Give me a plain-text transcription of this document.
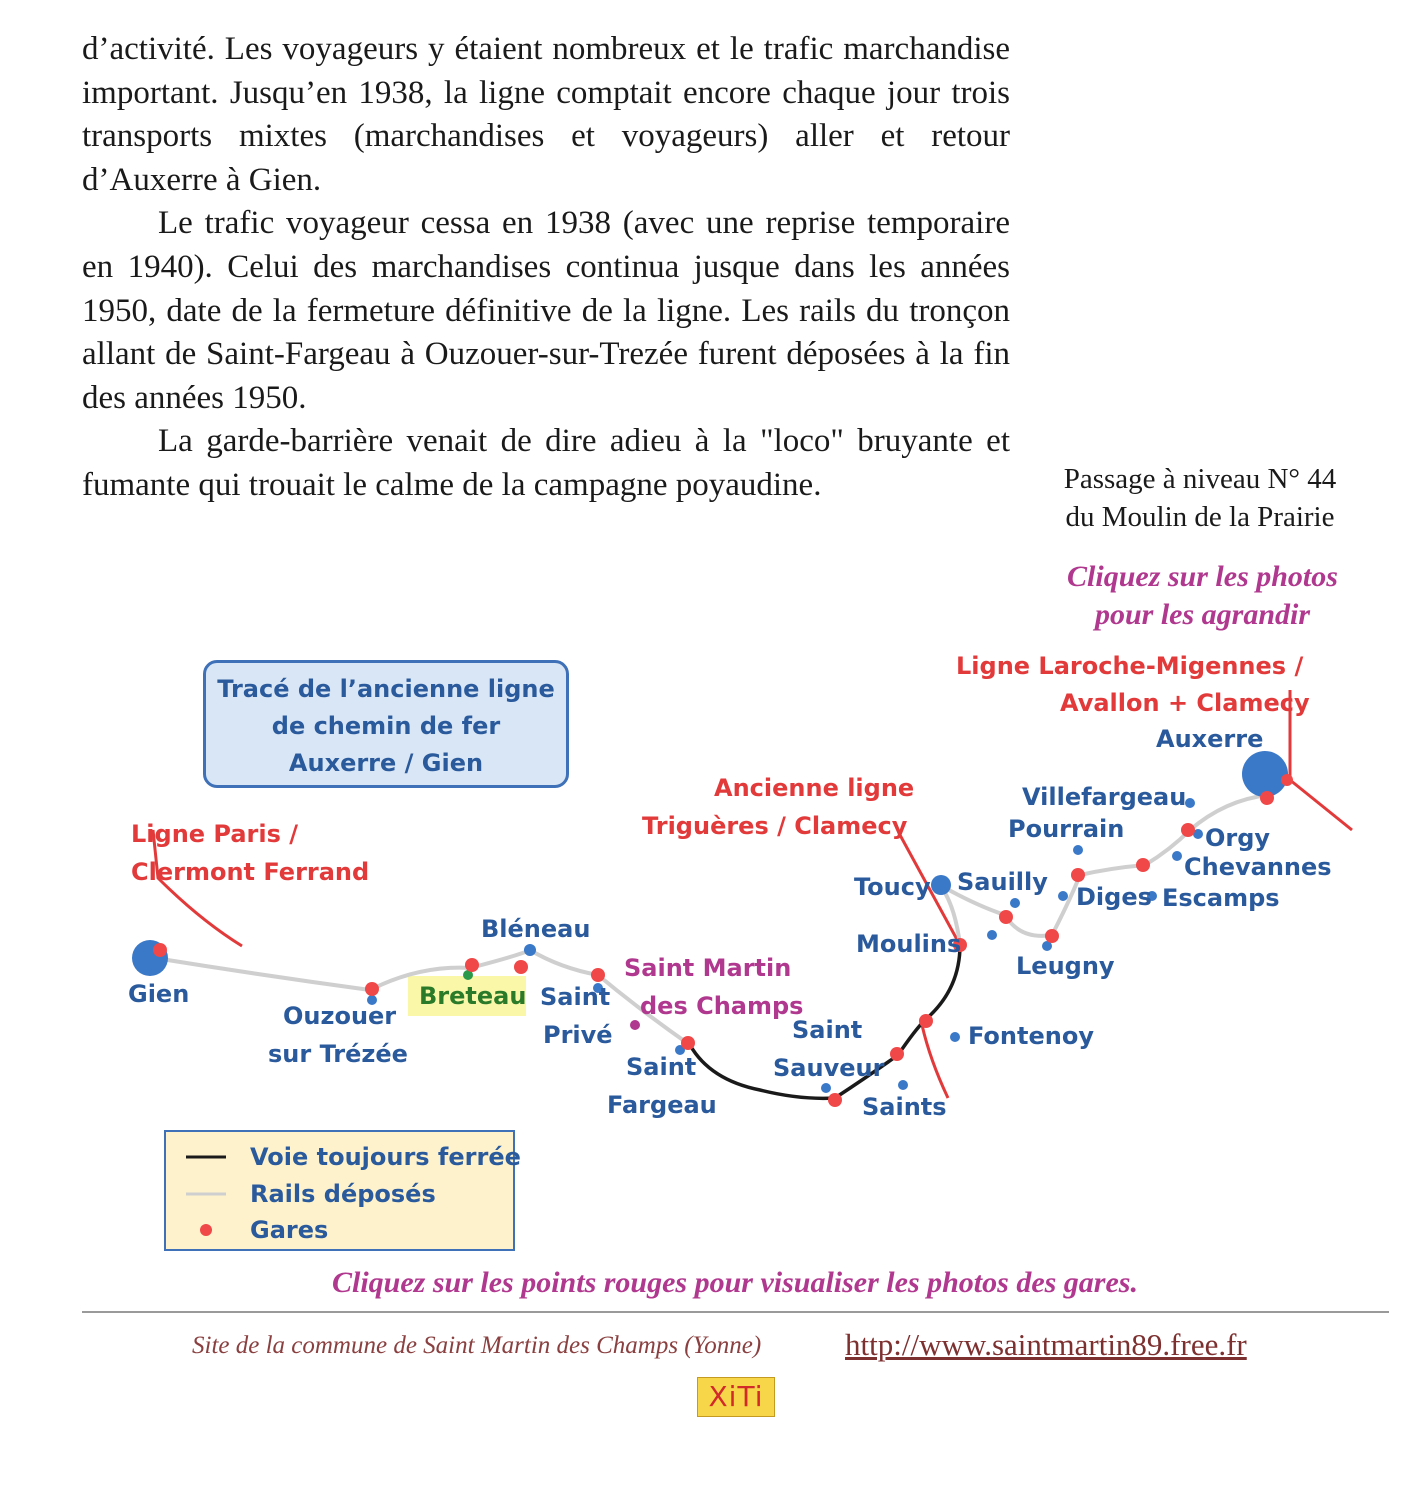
d’activité. Les voyageurs y étaient nombreux et le trafic marchandise important. Jusqu’en 1938, la ligne comptait encore chaque jour trois transports mixtes (marchandises et voyageurs) aller et retour d’Auxerre à Gien.

Le trafic voyageur cessa en 1938 (avec une reprise temporaire en 1940). Celui des marchandises continua jusque dans les années 1950, date de la fermeture définitive de la ligne. Les rails du tronçon allant de Saint-Fargeau à Ouzouer-sur-Trezée furent déposées à la fin des années 1950.

La garde-barrière venait de dire adieu à la "loco" bruyante et fumante qui trouait le calme de la campagne poyaudine.	Passage à niveau N° 44
du Moulin de la Prairie
Cliquez sur les photos
pour les agrandir
Tracé de l’ancienne ligne
de chemin de fer
Auxerre / Gien
Ligne Paris /
Clermont Ferrand
Ancienne ligne
Triguères / Clamecy
Ligne Laroche-Migennes /
Avallon + Clamecy
Gien
Ouzouer
sur Trézée
Breteau
Bléneau
Saint
Privé
Saint Martin
des Champs
Saint
Fargeau
Saint
Sauveur
Saints
Fontenoy
Moulins
Toucy Sauilly
Leugny
Diges Escamps
Pourrain
Villefargeau
Orgy
Chevannes
Auxerre
Voie toujours ferrée
Rails déposés
Gares
Cliquez sur les points rouges pour visualiser les photos des gares.
Site de la commune de Saint Martin des Champs (Yonne)	http://www.saintmartin89.free.fr
XiTi
